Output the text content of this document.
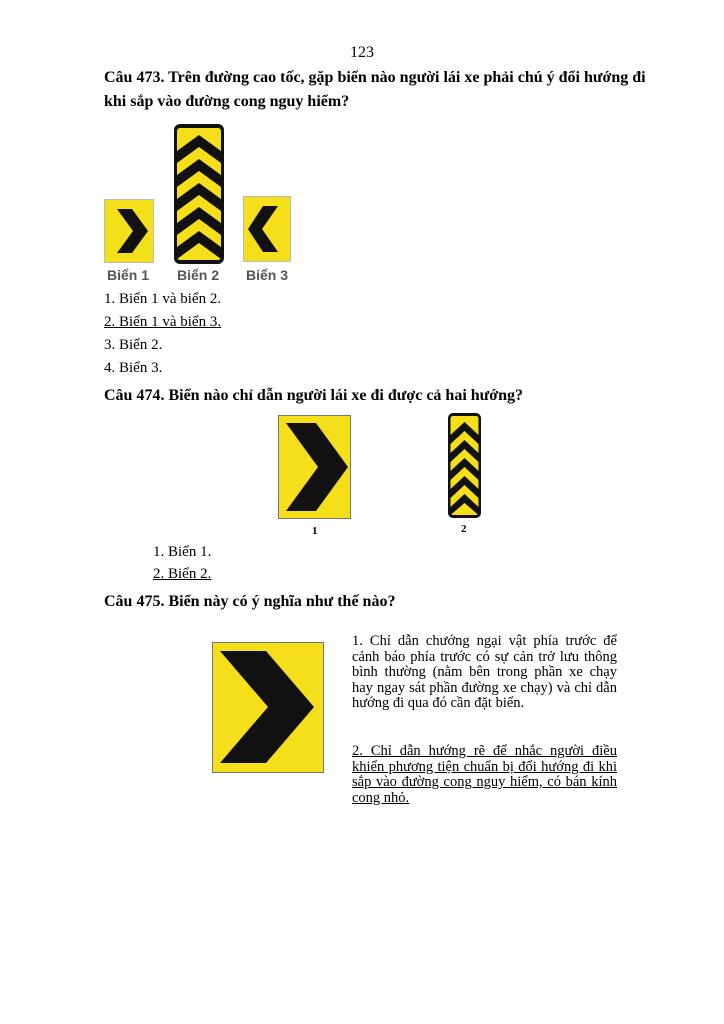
123
Câu 473. Trên đường cao tốc, gặp biển nào người lái xe phải chú ý đổi hướng đi khi sắp vào đường cong nguy hiểm?
Biển 1 Biển 2 Biển 3
1. Biển 1 và biển 2.
2. Biển 1 và biển 3.
3. Biển 2.
4. Biển 3.
Câu 474. Biển nào chỉ dẫn người lái xe đi được cả hai hướng?
1	2
1. Biển 1.
2. Biển 2.
Câu 475. Biển này có ý nghĩa như thế nào?
1. Chỉ dẫn chướng ngại vật phía trước để cảnh báo phía trước có sự cản trở lưu thông bình thường (nằm bên trong phần xe chạy hay ngay sát phần đường xe chạy) và chỉ dẫn hướng đi qua đó cần đặt biển.
2. Chỉ dẫn hướng rẽ để nhắc người điều khiển phương tiện chuẩn bị đổi hướng đi khi sắp vào đường cong nguy hiểm, có bán kính cong nhỏ.
